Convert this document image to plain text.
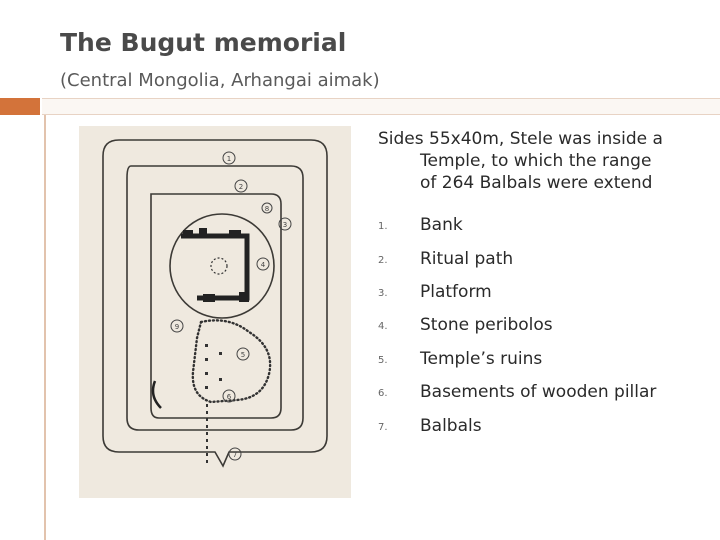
The Bugut memorial
(Central Mongolia, Arhangai aimak)
1
2
3
4
5
6
7
8
9
Sides 55x40m, Stele was inside a
Temple, to which the range
of 264 Balbals were extend
1. Bank
2. Ritual path
3. Platform
4. Stone peribolos
5. Temple’s ruins
6. Basements of wooden pillar
7. Balbals
